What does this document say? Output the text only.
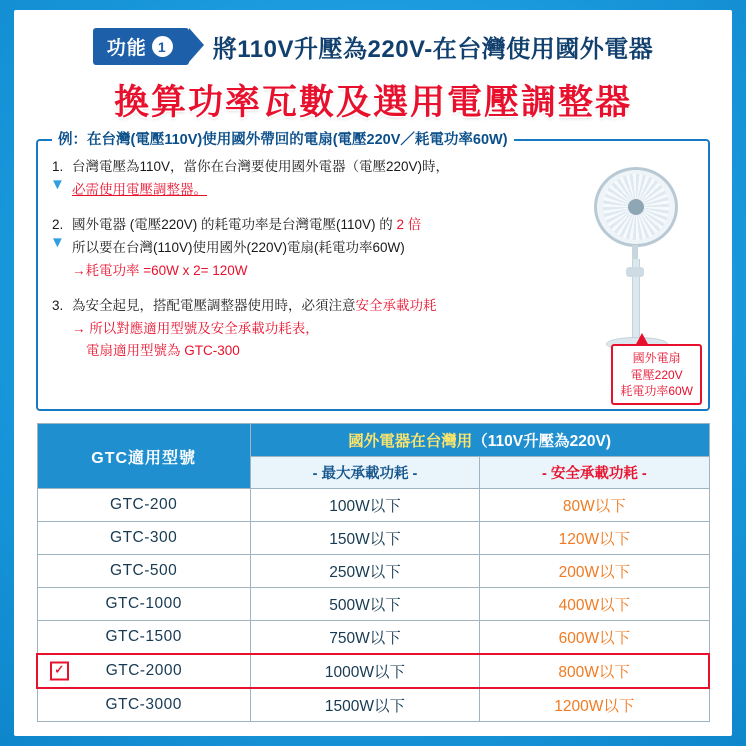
功能 1 將110V升壓為220V-在台灣使用國外電器
換算功率瓦數及選用電壓調整器
例：在台灣(電壓110V)使用國外帶回的電扇(電壓220V／耗電功率60W)
1. 台灣電壓為110V，當你在台灣要使用國外電器（電壓220V)時，
必需使用電壓調整器。
▼
2. 國外電器 (電壓220V) 的耗電功率是台灣電壓(110V) 的 2 倍
所以要在台灣(110V)使用國外(220V)電扇(耗電功率60W)
→耗電功率 =60W x 2= 120W
▼
3. 為安全起見，搭配電壓調整器使用時，必須注意安全承載功耗
→ 所以對應適用型號及安全承載功耗表，
電扇適用型號為 GTC-300	國外電扇
電壓220V
耗電功率60W
GTC適用型號	國外電器在台灣用（110V升壓為220V)	
	- 最大承載功耗 -	- 安全承載功耗 -
GTC-200	100W以下	80W以下
GTC-300	150W以下	120W以下
GTC-500	250W以下	200W以下
GTC-1000	500W以下	400W以下
GTC-1500	750W以下	600W以下

✓ GTC-2000	1000W以下	800W以下
GTC-3000	1500W以下	1200W以下
